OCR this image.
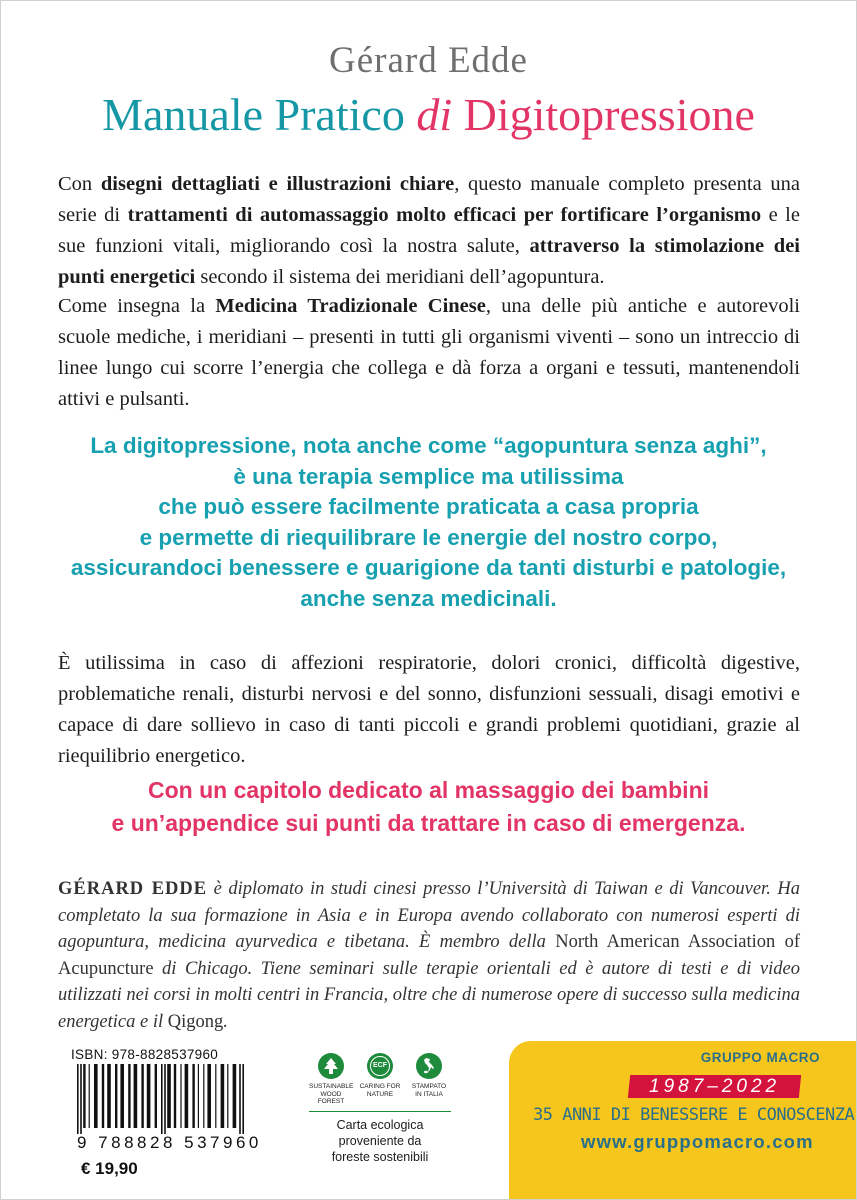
Gérard Edde
Manuale Pratico di Digitopressione

Con disegni dettagliati e illustrazioni chiare, questo manuale completo presenta una serie di trattamenti di automassaggio molto efficaci per fortificare l’organismo e le sue funzioni vitali, migliorando così la nostra salute, attraverso la stimolazione dei punti energetici secondo il sistema dei meridiani dell’agopuntura.

Come insegna la Medicina Tradizionale Cinese, una delle più antiche e autorevoli scuole mediche, i meridiani – presenti in tutti gli organismi viventi – sono un intreccio di linee lungo cui scorre l’energia che collega e dà forza a organi e tessuti, mantenendoli attivi e pulsanti.

La digitopressione, nota anche come “agopuntura senza aghi”,
è una terapia semplice ma utilissima
che può essere facilmente praticata a casa propria
e permette di riequilibrare le energie del nostro corpo,
assicurandoci benessere e guarigione da tanti disturbi e patologie,
anche senza medicinali.

È utilissima in caso di affezioni respiratorie, dolori cronici, difficoltà digestive, problematiche renali, disturbi nervosi e del sonno, disfunzioni sessuali, disagi emotivi e capace di dare sollievo in caso di tanti piccoli e grandi problemi quotidiani, grazie al riequilibrio energetico.

Con un capitolo dedicato al massaggio dei bambini
e un’appendice sui punti da trattare in caso di emergenza.

GÉRARD EDDE è diplomato in studi cinesi presso l’Università di Taiwan e di Vancouver. Ha completato la sua formazione in Asia e in Europa avendo collaborato con numerosi esperti di agopuntura, medicina ayurvedica e tibetana. È membro della North American Association of Acupuncture di Chicago. Tiene seminari sulle terapie orientali ed è autore di testi e di video utilizzati nei corsi in molti centri in Francia, oltre che di numerose opere di successo sulla medicina energetica e il Qigong.

ISBN: 978-8828537960
9 788828 537960
€ 19,90
SUSTAINABLE
WOOD FOREST
ECF
CARING FOR
NATURE
STAMPATO
IN ITALIA
Carta ecologica
proveniente da
foreste sostenibili
GRUPPO MACRO
1987–2022
35 ANNI DI BENESSERE E CONOSCENZA
www.gruppomacro.com
